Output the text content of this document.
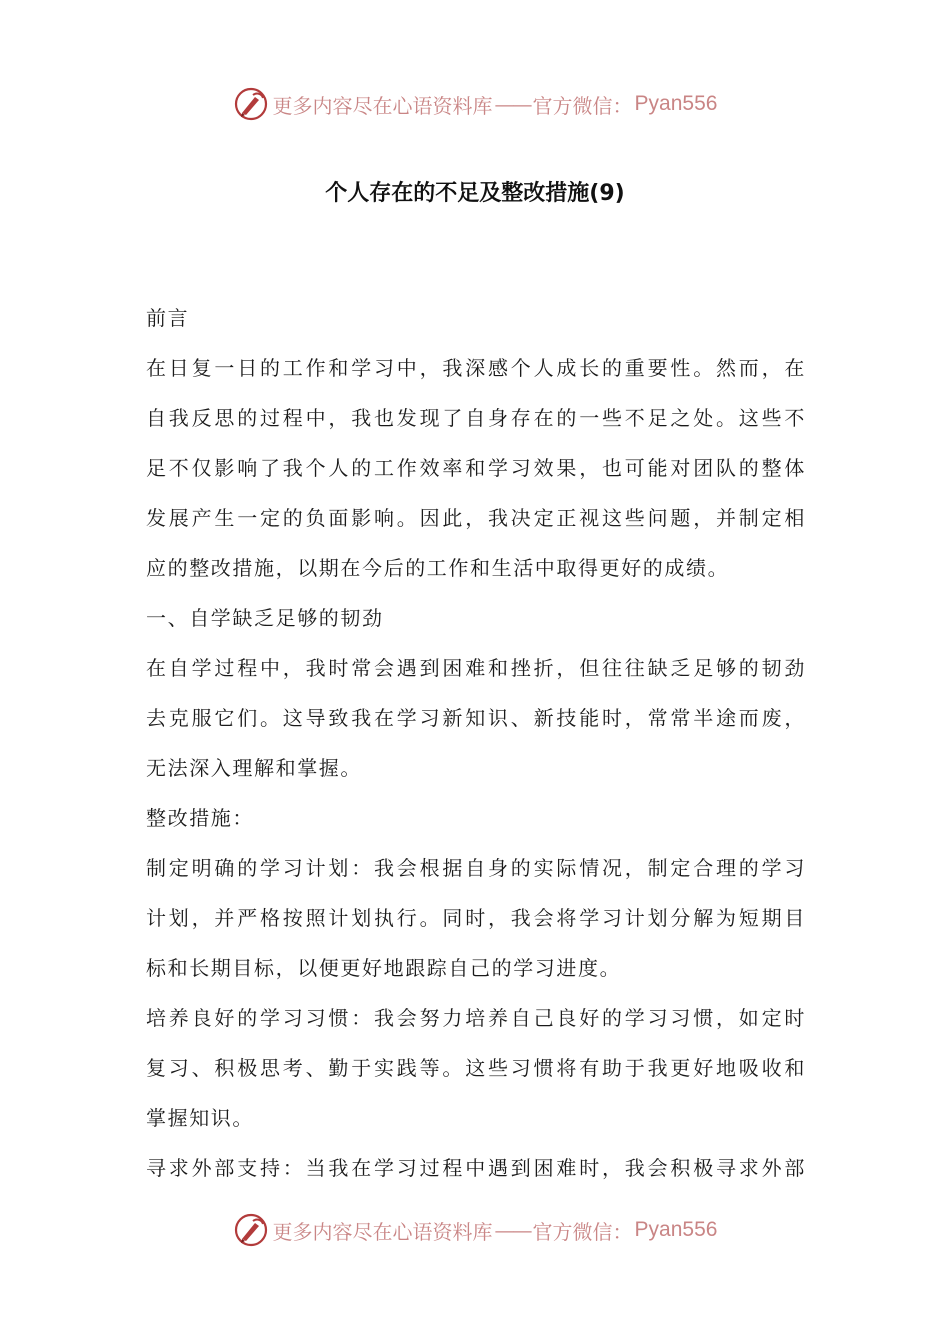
更多内容尽在心语资料库 —— 官方微信： Pyan556
个人存在的不足及整改措施(9)
前言
在日复一日的工作和学习中，我深感个人成长的重要性。然而，在
自我反思的过程中，我也发现了自身存在的一些不足之处。这些不
足不仅影响了我个人的工作效率和学习效果，也可能对团队的整体
发展产生一定的负面影响。因此，我决定正视这些问题，并制定相
应的整改措施，以期在今后的工作和生活中取得更好的成绩。
一、自学缺乏足够的韧劲
在自学过程中，我时常会遇到困难和挫折，但往往缺乏足够的韧劲
去克服它们。这导致我在学习新知识、新技能时，常常半途而废，
无法深入理解和掌握。
整改措施：
制定明确的学习计划：我会根据自身的实际情况，制定合理的学习
计划，并严格按照计划执行。同时，我会将学习计划分解为短期目
标和长期目标，以便更好地跟踪自己的学习进度。
培养良好的学习习惯：我会努力培养自己良好的学习习惯，如定时
复习、积极思考、勤于实践等。这些习惯将有助于我更好地吸收和
掌握知识。
寻求外部支持：当我在学习过程中遇到困难时，我会积极寻求外部
更多内容尽在心语资料库 —— 官方微信： Pyan556
